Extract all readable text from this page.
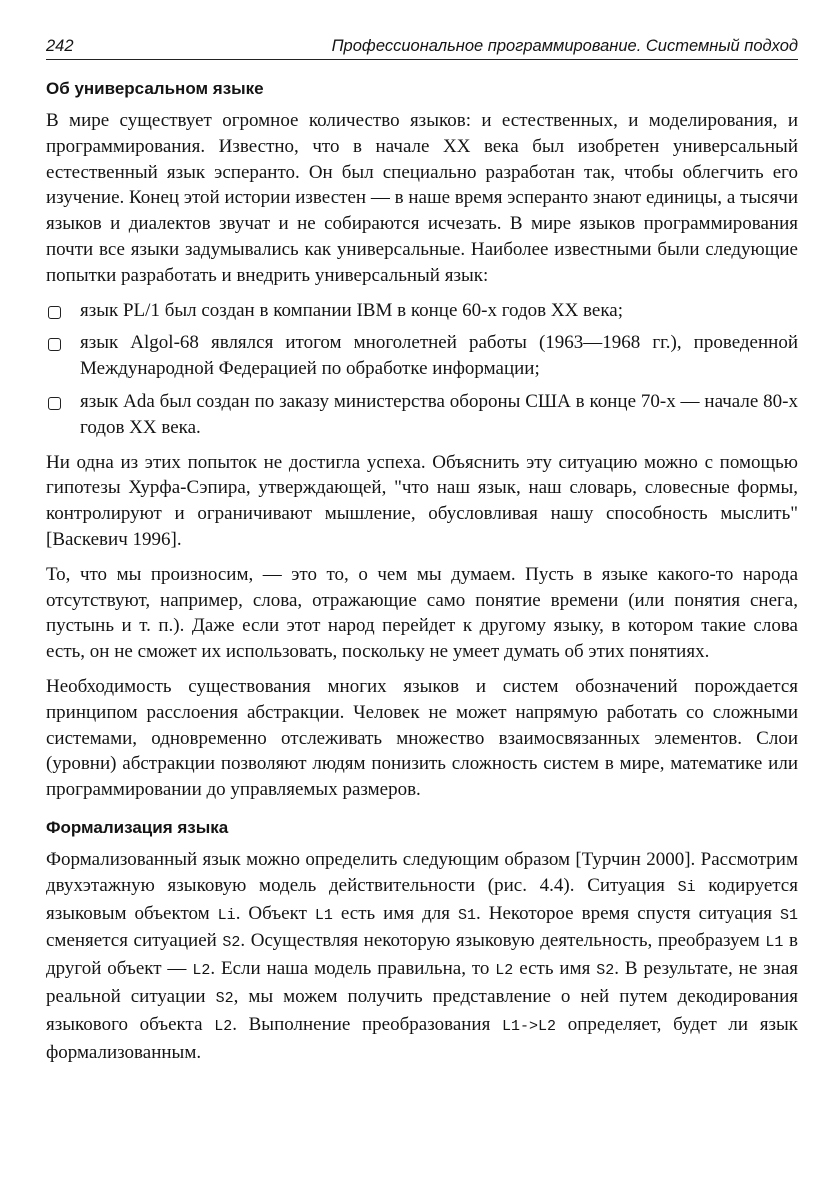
242	Профессиональное программирование. Системный подход
Об универсальном языке

В мире существует огромное количество языков: и естественных, и моделирования, и программирования. Известно, что в начале XX века был изобретен универсальный естественный язык эсперанто. Он был специально разработан так, чтобы облегчить его изучение. Конец этой истории известен — в наше время эсперанто знают единицы, а тысячи языков и диалектов звучат и не собираются исчезать. В мире языков программирования почти все языки задумывались как универсальные. Наиболее известными были следующие попытки разработать и внедрить универсальный язык:

язык PL/1 был создан в компании IBM в конце 60-х годов XX века;
язык Algol-68 являлся итогом многолетней работы (1963—1968 гг.), проведенной Международной Федерацией по обработке информации;
язык Ada был создан по заказу министерства обороны США в конце 70-х — начале 80-х годов XX века.

Ни одна из этих попыток не достигла успеха. Объяснить эту ситуацию можно с помощью гипотезы Хурфа-Сэпира, утверждающей, "что наш язык, наш словарь, словесные формы, контролируют и ограничивают мышление, обусловливая нашу способность мыслить" [Васкевич 1996].

То, что мы произносим, — это то, о чем мы думаем. Пусть в языке какого-то народа отсутствуют, например, слова, отражающие само понятие времени (или понятия снега, пустынь и т. п.). Даже если этот народ перейдет к другому языку, в котором такие слова есть, он не сможет их использовать, поскольку не умеет думать об этих понятиях.

Необходимость существования многих языков и систем обозначений порождается принципом расслоения абстракции. Человек не может напрямую работать со сложными системами, одновременно отслеживать множество взаимосвязанных элементов. Слои (уровни) абстракции позволяют людям понизить сложность систем в мире, математике или программировании до управляемых размеров.

Формализация языка

Формализованный язык можно определить следующим образом [Турчин 2000]. Рассмотрим двухэтажную языковую модель действительности (рис. 4.4). Ситуация Si кодируется языковым объектом Li. Объект L1 есть имя для S1. Некоторое время спустя ситуация S1 сменяется ситуацией S2. Осуществляя некоторую языковую деятельность, преобразуем L1 в другой объект — L2. Если наша модель правильна, то L2 есть имя S2. В результате, не зная реальной ситуации S2, мы можем получить представление о ней путем декодирования языкового объекта L2. Выполнение преобразования L1->L2 определяет, будет ли язык формализованным.
